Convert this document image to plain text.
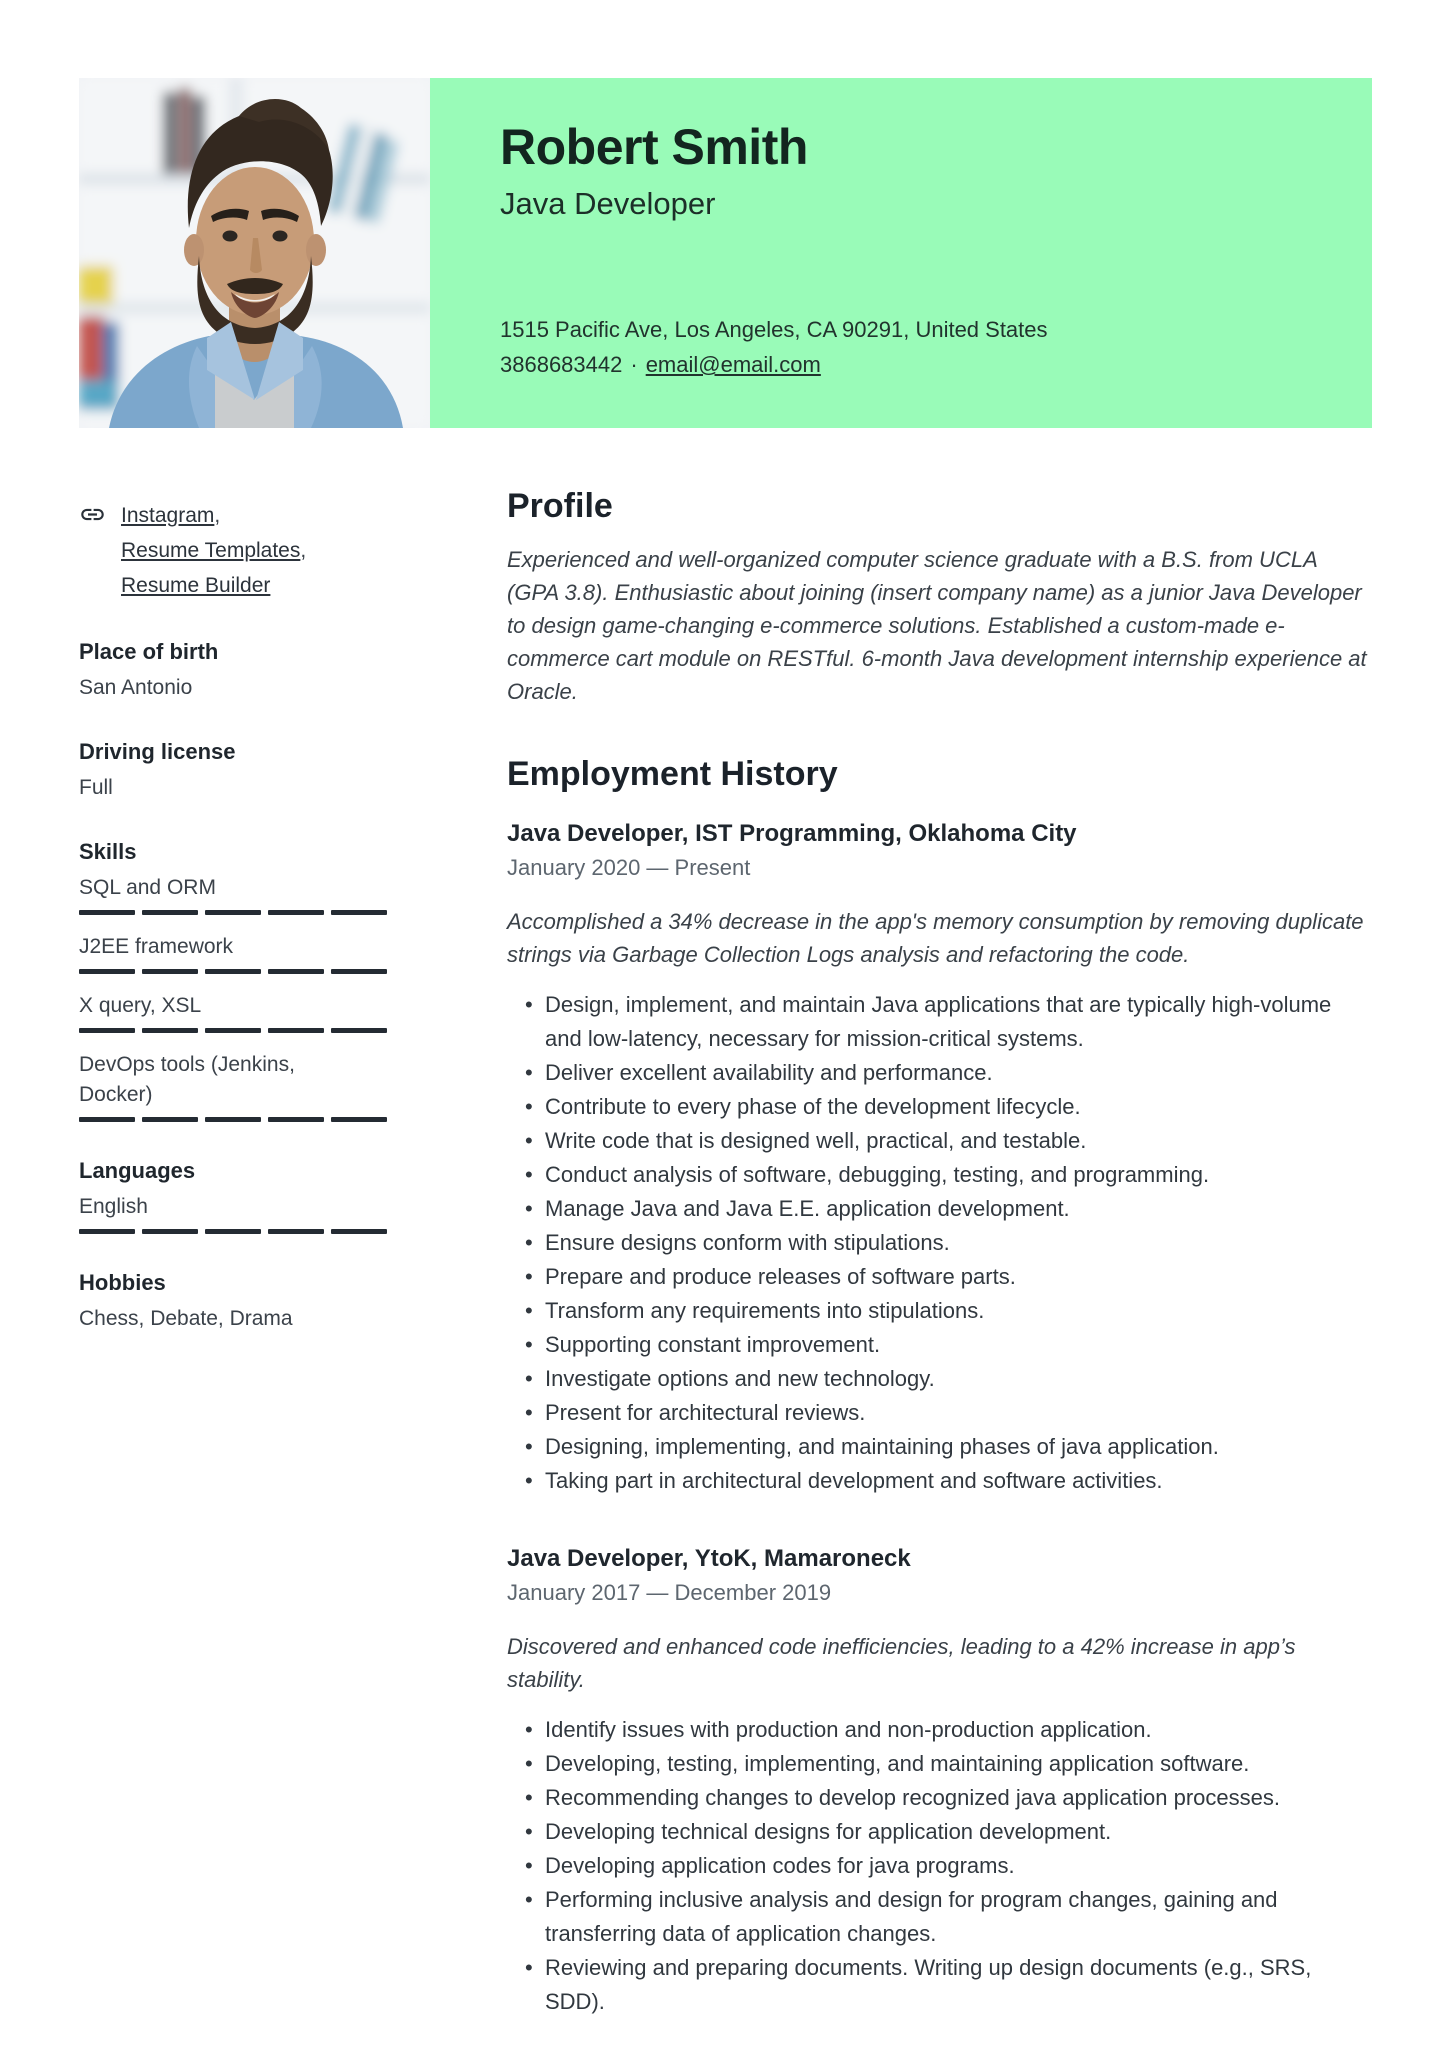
Robert Smith
Java Developer
1515 Pacific Ave, Los Angeles, CA 90291, United States
3868683442 · email@email.com
Instagram,
Resume Templates,
Resume Builder
Place of birth
San Antonio
Driving license
Full
Skills
SQL and ORM
J2EE framework
X query, XSL
DevOps tools (Jenkins, Docker)
Languages
English
Hobbies
Chess, Debate, Drama
Profile

Experienced and well-organized computer science graduate with a B.S. from UCLA (GPA 3.8). Enthusiastic about joining (insert company name) as a junior Java Developer to design game-changing e-commerce solutions. Established a custom-made e-commerce cart module on RESTful. 6-month Java development internship experience at Oracle.

Employment History
Java Developer, IST Programming, Oklahoma City
January 2020 — Present

Accomplished a 34% decrease in the app's memory consumption by removing duplicate strings via Garbage Collection Logs analysis and refactoring the code.

• Design, implement, and maintain Java applications that are typically high-volume and low-latency, necessary for mission-critical systems.
• Deliver excellent availability and performance.
• Contribute to every phase of the development lifecycle.
• Write code that is designed well, practical, and testable.
• Conduct analysis of software, debugging, testing, and programming.
• Manage Java and Java E.E. application development.
• Ensure designs conform with stipulations.
• Prepare and produce releases of software parts.
• Transform any requirements into stipulations.
• Supporting constant improvement.
• Investigate options and new technology.
• Present for architectural reviews.
• Designing, implementing, and maintaining phases of java application.
• Taking part in architectural development and software activities.
Java Developer, YtoK, Mamaroneck
January 2017 — December 2019

Discovered and enhanced code inefficiencies, leading to a 42% increase in app’s stability.

• Identify issues with production and non-production application.
• Developing, testing, implementing, and maintaining application software.
• Recommending changes to develop recognized java application processes.
• Developing technical designs for application development.
• Developing application codes for java programs.
• Performing inclusive analysis and design for program changes, gaining and transferring data of application changes.
• Reviewing and preparing documents. Writing up design documents (e.g., SRS, SDD).
